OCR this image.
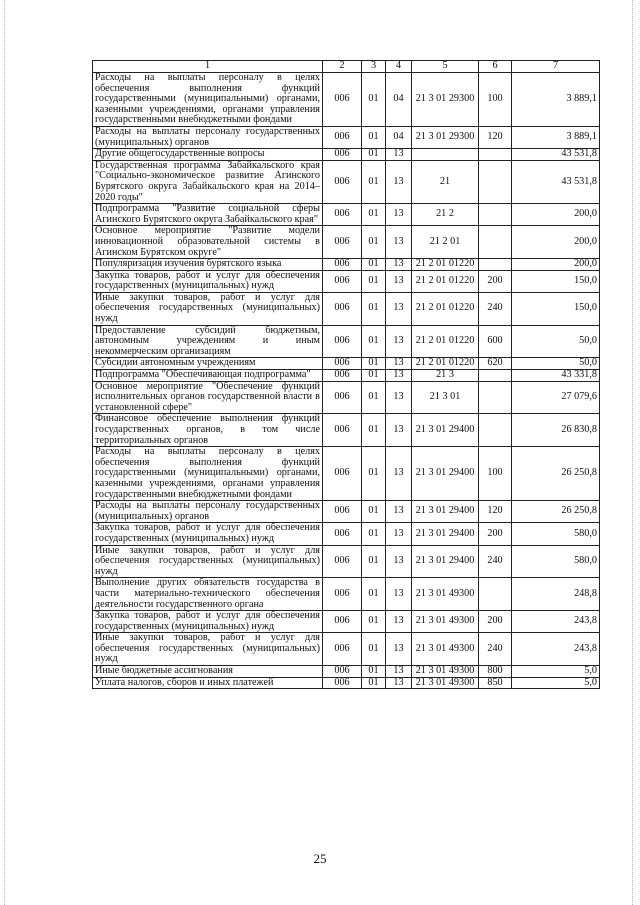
1	2	3	4	5	6	7
Расходы на выплаты персоналу в целях обеспечения выполнения функций государственными (муниципальными) органами, казенными учреждениями, органами управления государственными внебюджетными фондами	006	01	04	21 3 01 29300	100	3 889,1
Расходы на выплаты персоналу государственных (муниципальных) органов	006	01	04	21 3 01 29300	120	3 889,1
Другие общегосударственные вопросы	006	01	13			43 531,8
Государственная программа Забайкальского края "Социально-экономическое развитие Агинского Бурятского округа Забайкальского края на 2014–2020 годы"	006	01	13	21		43 531,8
Подпрограмма "Развитие социальной сферы Агинского Бурятского округа Забайкальского края"	006	01	13	21 2		200,0
Основное мероприятие "Развитие модели инновационной образовательной системы в Агинском Бурятском округе"	006	01	13	21 2 01		200,0
Популяризация изучения бурятского языка	006	01	13	21 2 01 01220		200,0
Закупка товаров, работ и услуг для обеспечения государственных (муниципальных) нужд	006	01	13	21 2 01 01220	200	150,0
Иные закупки товаров, работ и услуг для обеспечения государственных (муниципальных) нужд	006	01	13	21 2 01 01220	240	150,0
Предоставление субсидий бюджетным, автономным учреждениям и иным некоммерческим организациям	006	01	13	21 2 01 01220	600	50,0
Субсидии автономным учреждениям	006	01	13	21 2 01 01220	620	50,0
Подпрограмма "Обеспечивающая подпрограмма"	006	01	13	21 3		43 331,8
Основное мероприятие "Обеспечение функций исполнительных органов государственной власти в установленной сфере"	006	01	13	21 3 01		27 079,6
Финансовое обеспечение выполнения функций государственных органов, в том числе территориальных органов	006	01	13	21 3 01 29400		26 830,8
Расходы на выплаты персоналу в целях обеспечения выполнения функций государственными (муниципальными) органами, казенными учреждениями, органами управления государственными внебюджетными фондами	006	01	13	21 3 01 29400	100	26 250,8
Расходы на выплаты персоналу государственных (муниципальных) органов	006	01	13	21 3 01 29400	120	26 250,8
Закупка товаров, работ и услуг для обеспечения государственных (муниципальных) нужд	006	01	13	21 3 01 29400	200	580,0
Иные закупки товаров, работ и услуг для обеспечения государственных (муниципальных) нужд	006	01	13	21 3 01 29400	240	580,0
Выполнение других обязательств государства в части материально-технического обеспечения деятельности государственного органа	006	01	13	21 3 01 49300		248,8
Закупка товаров, работ и услуг для обеспечения государственных (муниципальных) нужд	006	01	13	21 3 01 49300	200	243,8
Иные закупки товаров, работ и услуг для обеспечения государственных (муниципальных) нужд	006	01	13	21 3 01 49300	240	243,8
Иные бюджетные ассигнования	006	01	13	21 3 01 49300	800	5,0
Уплата налогов, сборов и иных платежей	006	01	13	21 3 01 49300	850	5,0
25
